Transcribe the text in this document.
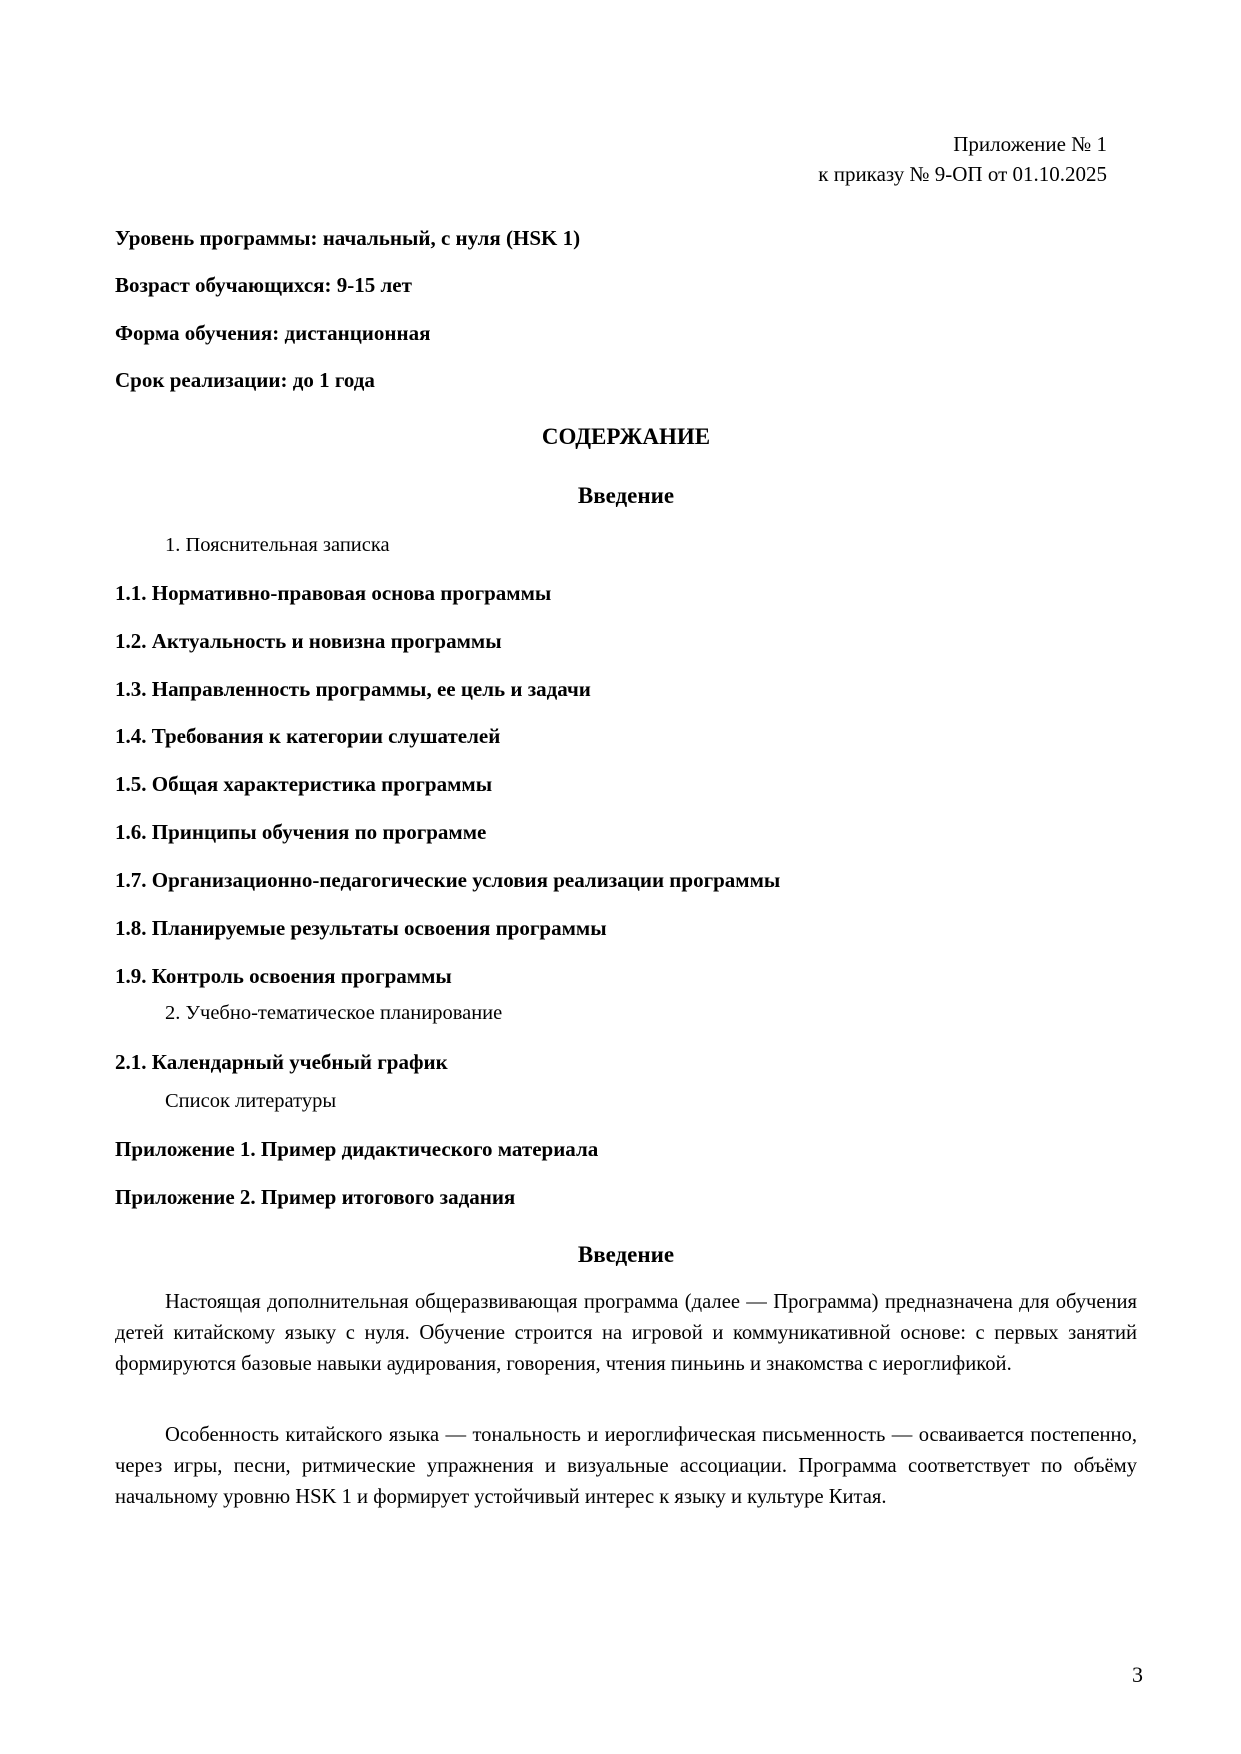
Приложение № 1
к приказу № 9-ОП от 01.10.2025
Уровень программы: начальный, с нуля (HSK 1)
Возраст обучающихся: 9-15 лет
Форма обучения: дистанционная
Срок реализации: до 1 года
СОДЕРЖАНИЕ
Введение
1. Пояснительная записка
1.1. Нормативно-правовая основа программы
1.2. Актуальность и новизна программы
1.3. Направленность программы, ее цель и задачи
1.4. Требования к категории слушателей
1.5. Общая характеристика программы
1.6. Принципы обучения по программе
1.7. Организационно-педагогические условия реализации программы
1.8. Планируемые результаты освоения программы
1.9. Контроль освоения программы
2. Учебно-тематическое планирование
2.1. Календарный учебный график
Список литературы
Приложение 1. Пример дидактического материала
Приложение 2. Пример итогового задания
Введение

Настоящая дополнительная общеразвивающая программа (далее — Программа) предназначена для обучения детей китайскому языку с нуля. Обучение строится на игровой и коммуникативной основе: с первых занятий формируются базовые навыки аудирования, говорения, чтения пиньинь и знакомства с иероглификой.

Особенность китайского языка — тональность и иероглифическая письменность — осваивается постепенно, через игры, песни, ритмические упражнения и визуальные ассоциации. Программа соответствует по объёму начальному уровню HSK 1 и формирует устойчивый интерес к языку и культуре Китая.

3
